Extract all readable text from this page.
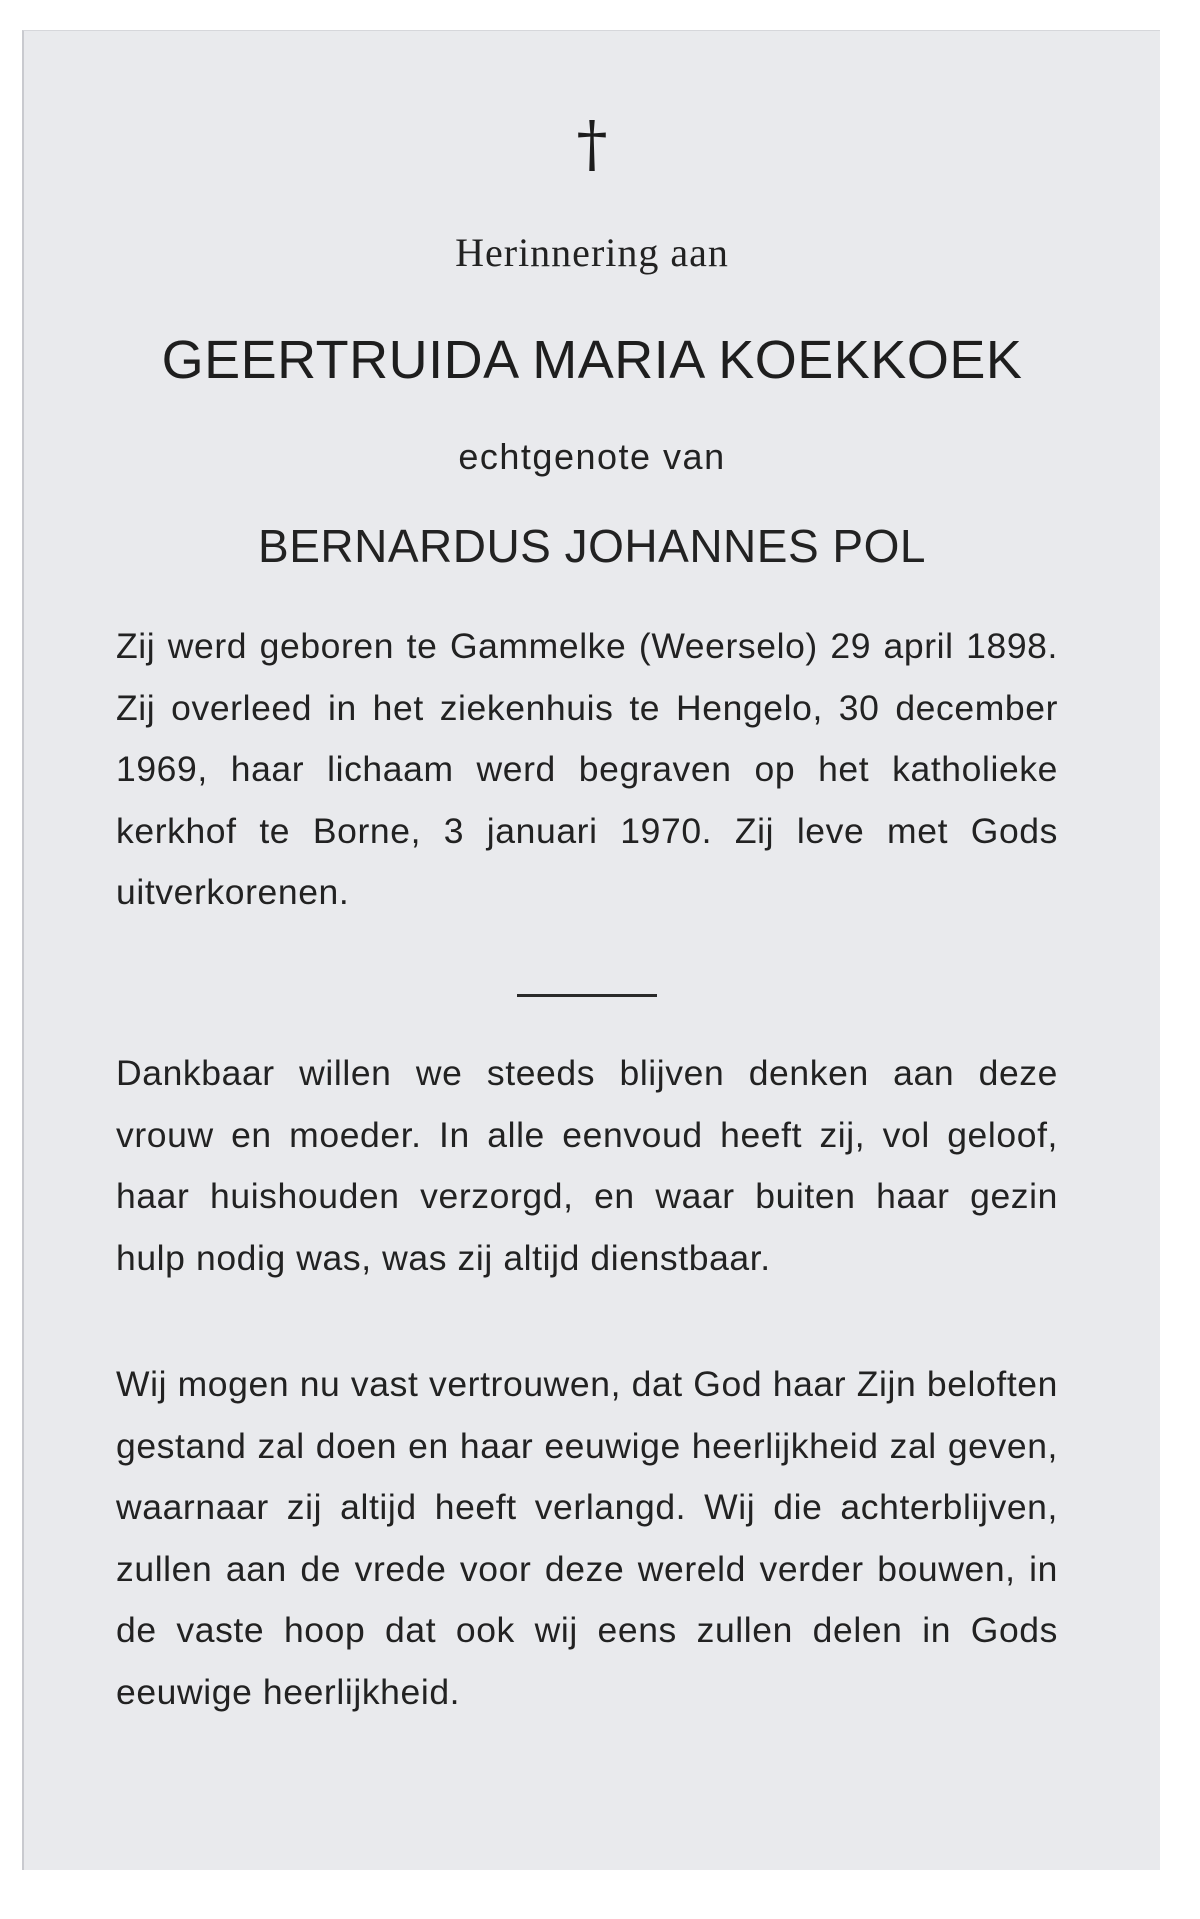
†

Herinnering aan

GEERTRUIDA MARIA KOEKKOEK

echtgenote van

BERNARDUS JOHANNES POL

Zij werd geboren te Gammelke (Weerselo) 29 april 1898. Zij overleed in het ziekenhuis te Hengelo, 30 december 1969, haar lichaam werd begraven op het katholieke kerkhof te Borne, 3 januari 1970. Zij leve met Gods uitverkorenen.

Dankbaar willen we steeds blijven denken aan deze vrouw en moeder. In alle eenvoud heeft zij, vol geloof, haar huishouden verzorgd, en waar buiten haar gezin hulp nodig was, was zij altijd dienstbaar.

Wij mogen nu vast vertrouwen, dat God haar Zijn beloften gestand zal doen en haar eeuwige heerlijkheid zal geven, waarnaar zij altijd heeft verlangd. Wij die achterblijven, zullen aan de vrede voor deze wereld verder bouwen, in de vaste hoop dat ook wij eens zullen delen in Gods eeuwige heerlijkheid.
